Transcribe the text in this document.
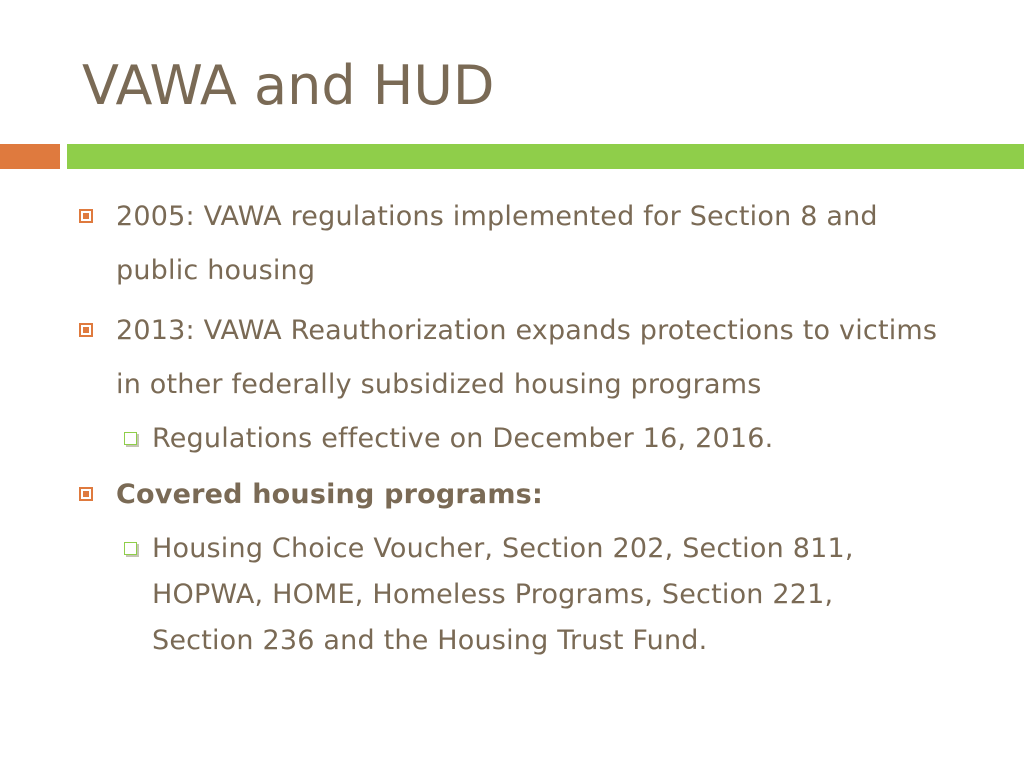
VAWA and HUD
2005: VAWA regulations implemented for Section 8 and public housing
2013: VAWA Reauthorization expands protections to victims in other federally subsidized housing programs
Regulations effective on December 16, 2016.
Covered housing programs:
Housing Choice Voucher, Section 202, Section 811, HOPWA, HOME, Homeless Programs, Section 221, Section 236 and the Housing Trust Fund.
